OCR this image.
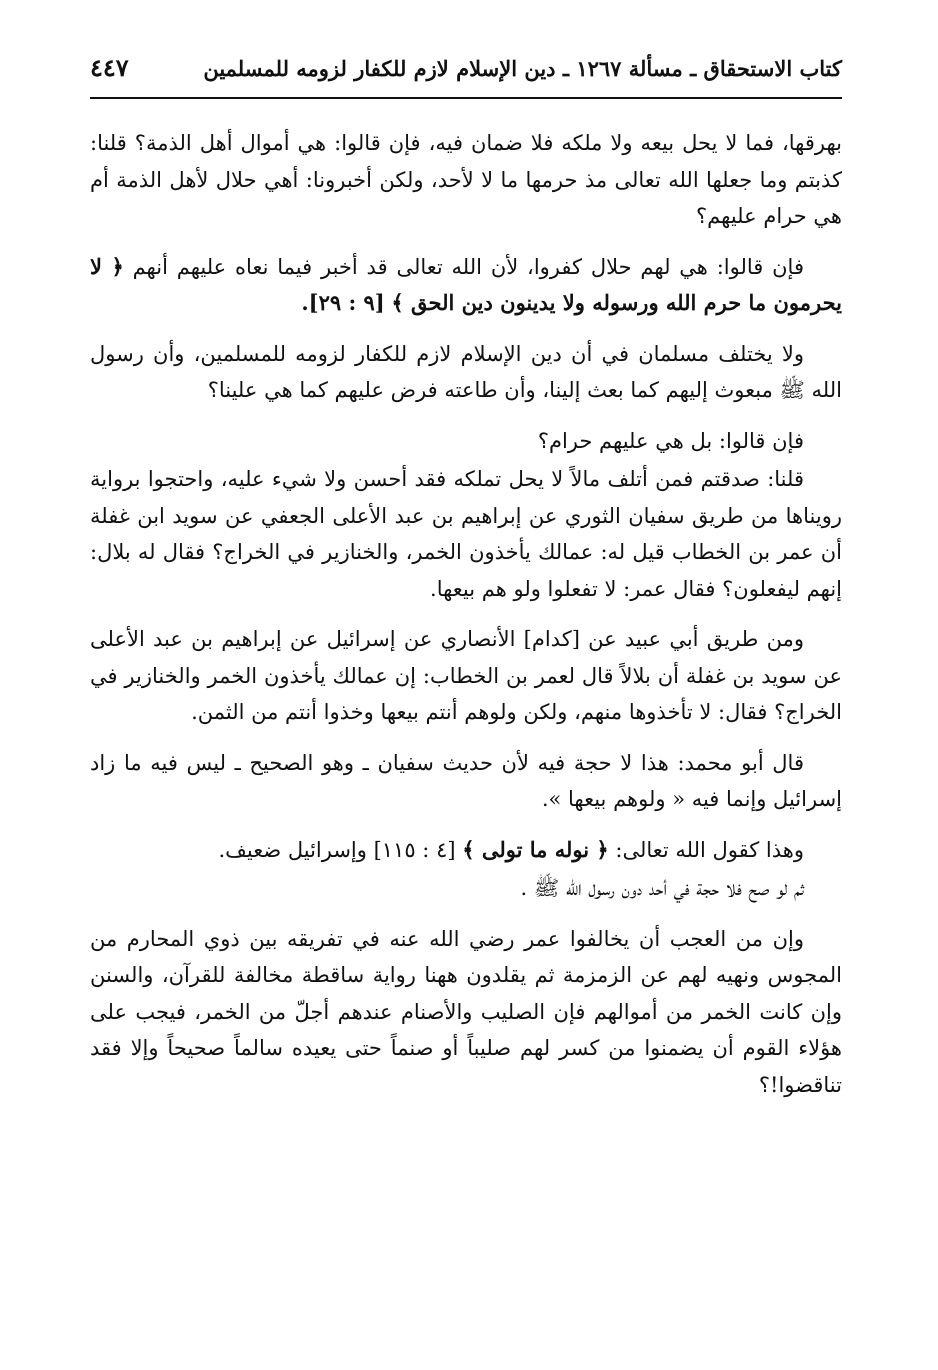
كتاب الاستحقاق ـ مسألة ١٢٦٧ ـ دين الإسلام لازم للكفار لزومه للمسلمين
٤٤٧

بهرقها، فما لا يحل بيعه ولا ملكه فلا ضمان فيه، فإن قالوا: هي أموال أهل الذمة؟ قلنا: كذبتم وما جعلها الله تعالى مذ حرمها ما لا لأحد، ولكن أخبرونا: أهي حلال لأهل الذمة أم هي حرام عليهم؟

فإن قالوا: هي لهم حلال كفروا، لأن الله تعالى قد أخبر فيما نعاه عليهم أنهم ﴿ لا يحرمون ما حرم الله ورسوله ولا يدينون دين الحق ﴾ [٩ : ٢٩].

ولا يختلف مسلمان في أن دين الإسلام لازم للكفار لزومه للمسلمين، وأن رسول الله ﷺ مبعوث إليهم كما بعث إلينا، وأن طاعته فرض عليهم كما هي علينا؟

فإن قالوا: بل هي عليهم حرام؟

قلنا: صدقتم فمن أتلف مالاً لا يحل تملكه فقد أحسن ولا شيء عليه، واحتجوا برواية رويناها من طريق سفيان الثوري عن إبراهيم بن عبد الأعلى الجعفي عن سويد ابن غفلة أن عمر بن الخطاب قيل له: عمالك يأخذون الخمر، والخنازير في الخراج؟ فقال له بلال: إنهم ليفعلون؟ فقال عمر: لا تفعلوا ولو هم بيعها.

ومن طريق أبي عبيد عن [كدام] الأنصاري عن إسرائيل عن إبراهيم بن عبد الأعلى عن سويد بن غفلة أن بلالاً قال لعمر بن الخطاب: إن عمالك يأخذون الخمر والخنازير في الخراج؟ فقال: لا تأخذوها منهم، ولكن ولوهم أنتم بيعها وخذوا أنتم من الثمن.

قال أبو محمد: هذا لا حجة فيه لأن حديث سفيان ـ وهو الصحيح ـ ليس فيه ما زاد إسرائيل وإنما فيه « ولوهم بيعها ».

وهذا كقول الله تعالى: ﴿ نوله ما تولى ﴾ [٤ : ١١٥] وإسرائيل ضعيف.

ثم لو صح فلا حجة في أحد دون رسول الله ﷺ .

وإن من العجب أن يخالفوا عمر رضي الله عنه في تفريقه بين ذوي المحارم من المجوس ونهيه لهم عن الزمزمة ثم يقلدون ههنا رواية ساقطة مخالفة للقرآن، والسنن وإن كانت الخمر من أموالهم فإن الصليب والأصنام عندهم أجلّ من الخمر، فيجب على هؤلاء القوم أن يضمنوا من كسر لهم صليباً أو صنماً حتى يعيده سالماً صحيحاً وإلا فقد تناقضوا!؟
